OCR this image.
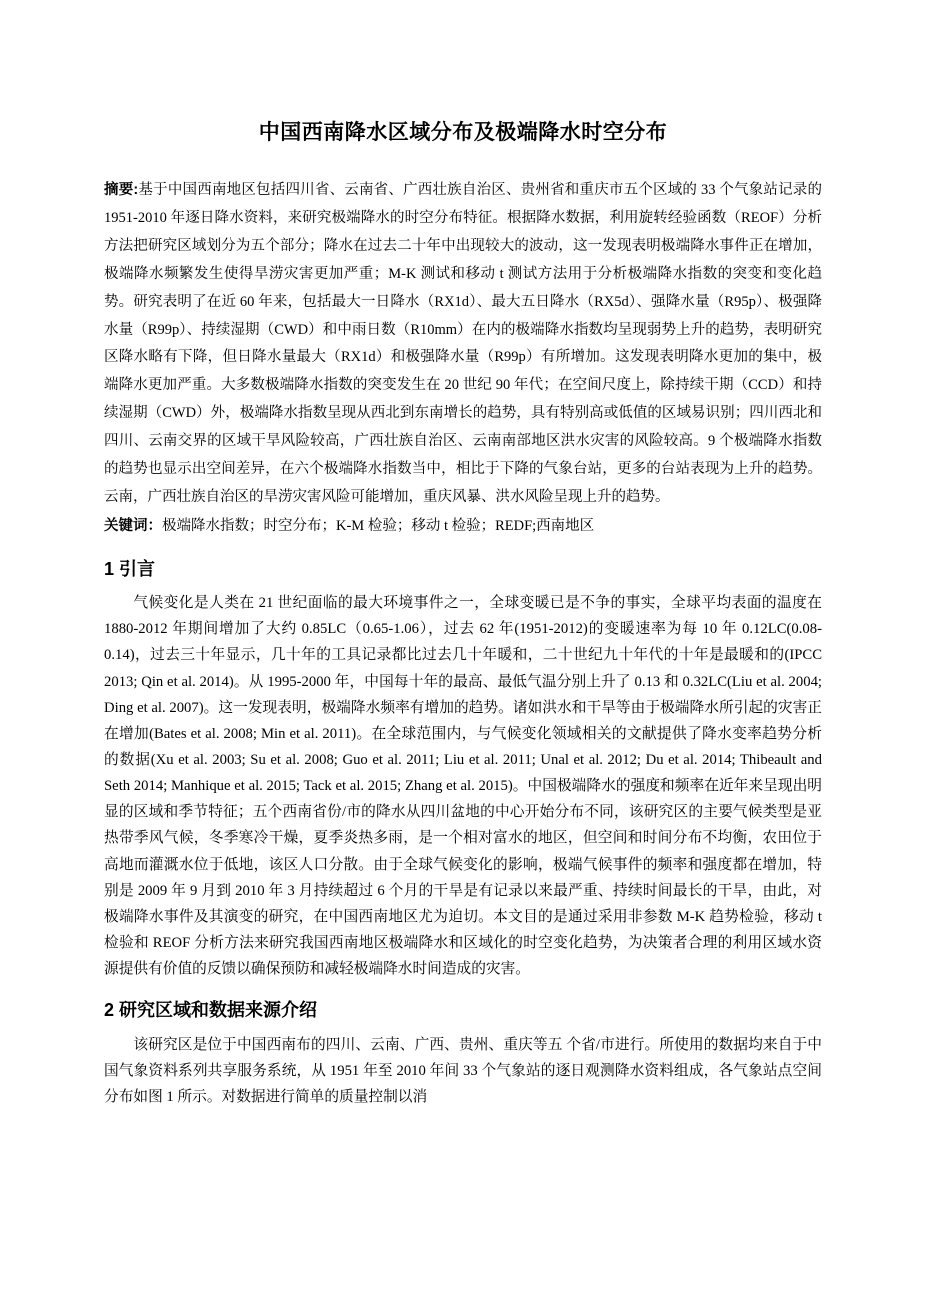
中国西南降水区域分布及极端降水时空分布
摘要:基于中国西南地区包括四川省、云南省、广西壮族自治区、贵州省和重庆市五个区域的 33 个气象站记录的 1951-2010 年逐日降水资料，来研究极端降水的时空分布特征。根据降水数据，利用旋转经验函数（REOF）分析方法把研究区域划分为五个部分；降水在过去二十年中出现较大的波动，这一发现表明极端降水事件正在增加，极端降水频繁发生使得旱涝灾害更加严重；M-K 测试和移动 t 测试方法用于分析极端降水指数的突变和变化趋势。研究表明了在近 60 年来，包括最大一日降水（RX1d）、最大五日降水（RX5d）、强降水量（R95p）、极强降水量（R99p）、持续湿期（CWD）和中雨日数（R10mm）在内的极端降水指数均呈现弱势上升的趋势，表明研究区降水略有下降，但日降水量最大（RX1d）和极强降水量（R99p）有所增加。这发现表明降水更加的集中，极端降水更加严重。大多数极端降水指数的突变发生在 20 世纪 90 年代；在空间尺度上，除持续干期（CCD）和持续湿期（CWD）外，极端降水指数呈现从西北到东南增长的趋势，具有特别高或低值的区域易识别；四川西北和四川、云南交界的区域干旱风险较高，广西壮族自治区、云南南部地区洪水灾害的风险较高。9 个极端降水指数的趋势也显示出空间差异，在六个极端降水指数当中，相比于下降的气象台站，更多的台站表现为上升的趋势。云南，广西壮族自治区的旱涝灾害风险可能增加，重庆风暴、洪水风险呈现上升的趋势。
关键词：极端降水指数；时空分布；K-M 检验；移动 t 检验；REDF;西南地区
1 引言

气候变化是人类在 21 世纪面临的最大环境事件之一，全球变暖已是不争的事实，全球平均表面的温度在 1880-2012 年期间增加了大约 0.85LC（0.65-1.06），过去 62 年(1951-2012)的变暖速率为每 10 年 0.12LC(0.08-0.14)，过去三十年显示，几十年的工具记录都比过去几十年暖和，二十世纪九十年代的十年是最暖和的(IPCC 2013; Qin et al. 2014)。从 1995-2000 年，中国每十年的最高、最低气温分别上升了 0.13 和 0.32LC(Liu et al. 2004; Ding et al. 2007)。这一发现表明，极端降水频率有增加的趋势。诸如洪水和干旱等由于极端降水所引起的灾害正在增加(Bates et al. 2008; Min et al. 2011)。在全球范围内，与气候变化领域相关的文献提供了降水变率趋势分析的数据(Xu et al. 2003; Su et al. 2008; Guo et al. 2011; Liu et al. 2011; Unal et al. 2012; Du et al. 2014; Thibeault and Seth 2014; Manhique et al. 2015; Tack et al. 2015; Zhang et al. 2015)。中国极端降水的强度和频率在近年来呈现出明显的区域和季节特征；五个西南省份/市的降水从四川盆地的中心开始分布不同，该研究区的主要气候类型是亚热带季风气候，冬季寒冷干燥，夏季炎热多雨，是一个相对富水的地区，但空间和时间分布不均衡，农田位于高地而灌溉水位于低地，该区人口分散。由于全球气候变化的影响，极端气候事件的频率和强度都在增加，特别是 2009 年 9 月到 2010 年 3 月持续超过 6 个月的干旱是有记录以来最严重、持续时间最长的干旱，由此，对极端降水事件及其演变的研究，在中国西南地区尤为迫切。本文目的是通过采用非参数 M-K 趋势检验，移动 t 检验和 REOF 分析方法来研究我国西南地区极端降水和区域化的时空变化趋势，为决策者合理的利用区域水资源提供有价值的反馈以确保预防和减轻极端降水时间造成的灾害。

2 研究区域和数据来源介绍

该研究区是位于中国西南布的四川、云南、广西、贵州、重庆等五 个省/市进行。所使用的数据均来自于中国气象资料系列共享服务系统，从 1951 年至 2010 年间 33 个气象站的逐日观测降水资料组成，各气象站点空间分布如图 1 所示。对数据进行简单的质量控制以消
